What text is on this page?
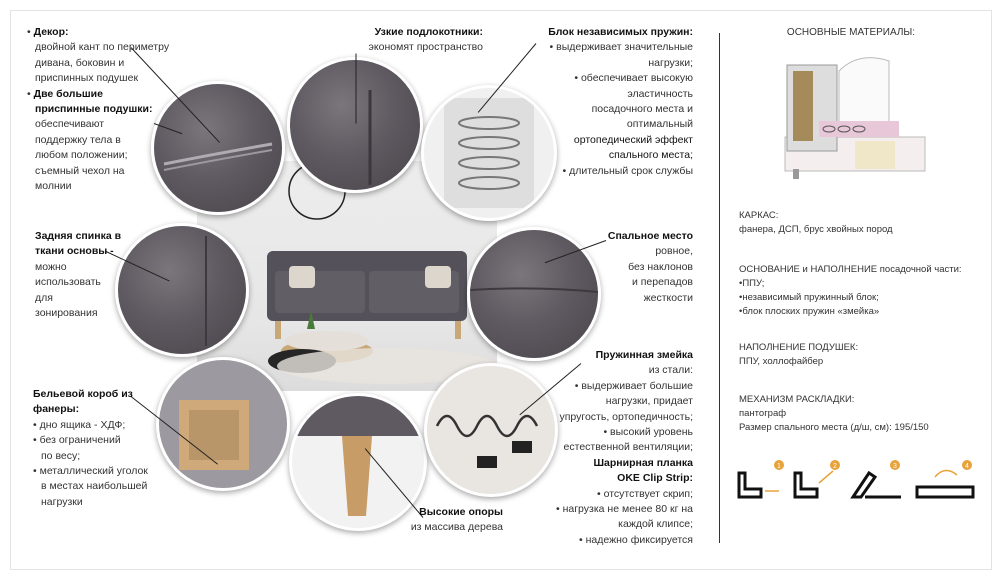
• Декор:
двойной кант по периметру
дивана, боковин и
приспинных подушек
• Две большие
приспинные подушки:
обеспечивают
поддержку тела в
любом положении;
съемный чехол на
молнии
Задняя спинка в
ткани основы -
можно
использовать
для
зонирования
Бельевой короб из
фанеры:
• дно ящика - ХДФ;
• без ограничений
по весу;
• металлический уголок
в местах наибольшей
нагрузки
Узкие подлокотники:
экономят пространство
Высокие опоры
из массива дерева
Блок независимых пружин:
• выдерживает значительные
нагрузки;
• обеспечивает высокую
эластичность
посадочного места и
оптимальный
ортопедический эффект
спального места;
• длительный срок службы
Спальное место
ровное,
без наклонов
и перепадов
жесткости
Пружинная змейка
из стали:
• выдерживает большие
нагрузки, придает
упругость, ортопедичность;
• высокий уровень
естественной вентиляции;
Шарнирная планка
OKE Clip Strip:
• отсутствует скрип;
• нагрузка не менее 80 кг на
каждой клипсе;
• надежно фиксируется
ОСНОВНЫЕ МАТЕРИАЛЫ:
КАРКАС:
фанера, ДСП, брус хвойных пород
ОСНОВАНИЕ и НАПОЛНЕНИЕ посадочной части:
•ППУ;
•независимый пружинный блок;
•блок плоских пружин «змейка»
НАПОЛНЕНИЕ ПОДУШЕК:
ППУ, холлофайбер
МЕХАНИЗМ РАСКЛАДКИ:
пантограф
Размер спального места (д/ш, см): 195/150
1	2	3	4
